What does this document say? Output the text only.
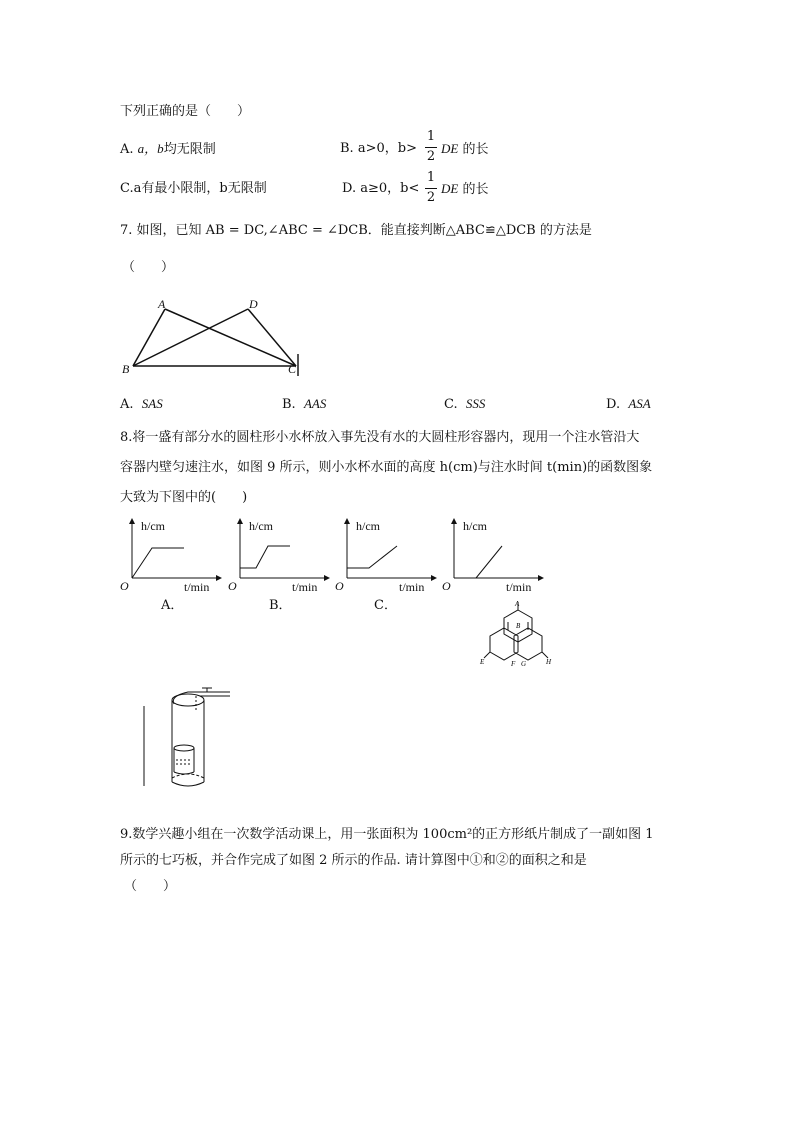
下列正确的是（　　）
A. a，b均无限制	B. a>0，b>
1
2
DE 的长
C.a有最小限制，b无限制	D. a≥0，b<
1
2
DE 的长
7. 如图，已知 AB = DC,∠ABC = ∠DCB．能直接判断△ABC≌△DCB 的方法是
（　　）
A	D
B	C
A. SAS	B. AAS	C. SSS	D. ASA
8.将一盛有部分水的圆柱形小水杯放入事先没有水的大圆柱形容器内，现用一个注水管沿大
容器内壁匀速注水，如图 9 所示，则小水杯水面的高度 h(cm)与注水时间 t(min)的函数图象
大致为下图中的(　　)
h/cm
O	t/min
A．
h/cm
O	t/min
B．
h/cm
O	t/min
C．
h/cm
O	t/min
A
B
E	F G	H
9.数学兴趣小组在一次数学活动课上，用一张面积为 100cm²的正方形纸片制成了一副如图 1
所示的七巧板，并合作完成了如图 2 所示的作品. 请计算图中①和②的面积之和是
（　　）
